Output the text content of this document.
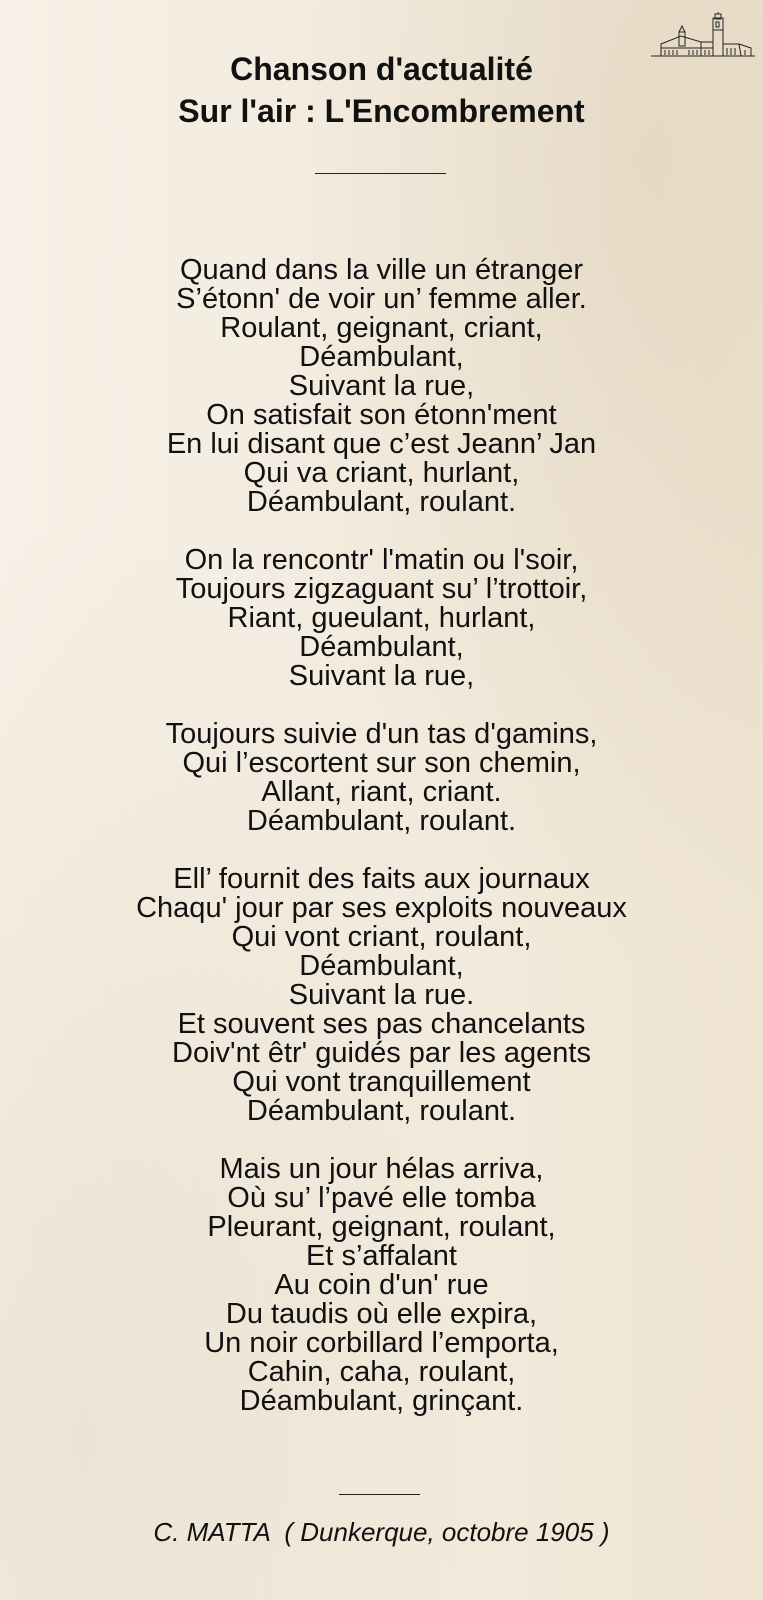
Chanson d'actualité
Sur l'air : L'Encombrement
Quand dans la ville un étranger
S’étonn' de voir un’ femme aller.
Roulant, geignant, criant,
Déambulant,
Suivant la rue,
On satisfait son étonn'ment
En lui disant que c’est Jeann’ Jan
Qui va criant, hurlant,
Déambulant, roulant.
On la rencontr' l'matin ou l'soir,
Toujours zigzaguant su’ l’trottoir,
Riant, gueulant, hurlant,
Déambulant,
Suivant la rue,
Toujours suivie d'un tas d'gamins,
Qui l’escortent sur son chemin,
Allant, riant, criant.
Déambulant, roulant.
Ell’ fournit des faits aux journaux
Chaqu' jour par ses exploits nouveaux
Qui vont criant, roulant,
Déambulant,
Suivant la rue.
Et souvent ses pas chancelants
Doiv'nt êtr' guidés par les agents
Qui vont tranquillement
Déambulant, roulant.
Mais un jour hélas arriva,
Où su’ l’pavé elle tomba
Pleurant, geignant, roulant,
Et s’affalant
Au coin d'un' rue
Du taudis où elle expira,
Un noir corbillard l’emporta,
Cahin, caha, roulant,
Déambulant, grinçant.
C. MATTA  ( Dunkerque, octobre 1905 )
